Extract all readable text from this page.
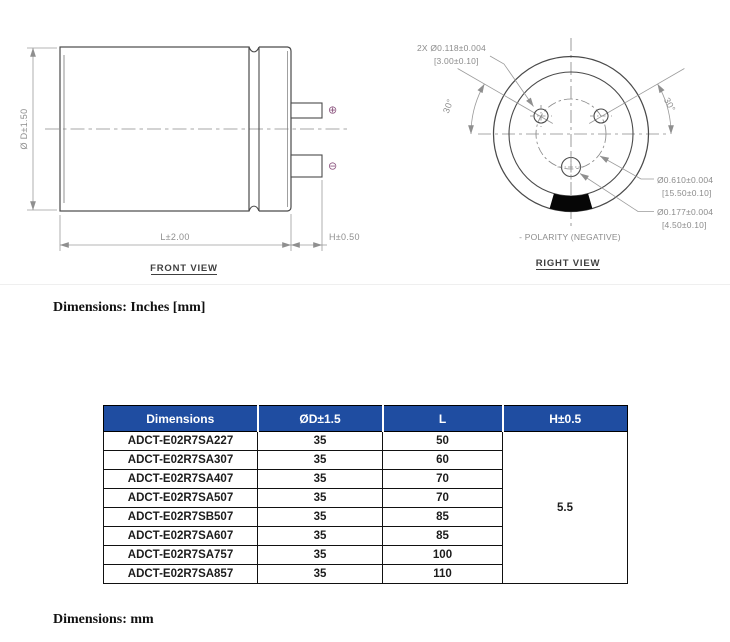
⊕
⊖
Ø D±1.50
L±2.00	H±0.50
FRONT VIEW
30°	30°
2X Ø0.118±0.004
[3.00±0.10]
Ø0.610±0.004
[15.50±0.10]
Ø0.177±0.004
[4.50±0.10]
- POLARITY (NEGATIVE)
RIGHT VIEW
Dimensions: Inches [mm]
Dimensions	ØD±1.5	L	H±0.5
ADCT-E02R7SA227	35	50	5.5
ADCT-E02R7SA307	35	60	
ADCT-E02R7SA407	35	70	
ADCT-E02R7SA507	35	70	
ADCT-E02R7SB507	35	85	
ADCT-E02R7SA607	35	85	
ADCT-E02R7SA757	35	100	
ADCT-E02R7SA857	35	110	
Dimensions: mm
